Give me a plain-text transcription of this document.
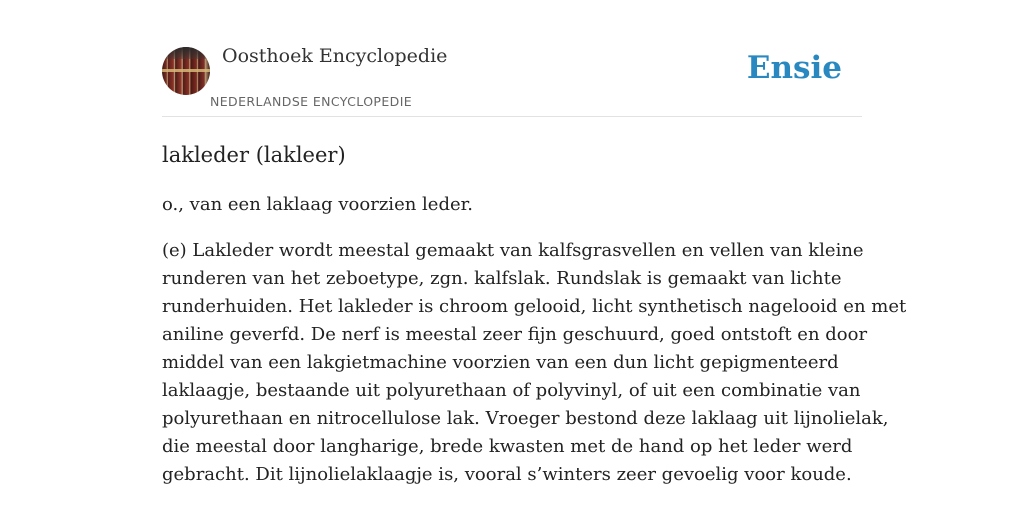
Oosthoek Encyclopedie
NEDERLANDSE ENCYCLOPEDIE
Ensie
lakleder (lakleer)

o., van een laklaag voorzien leder.

(e) Lakleder wordt meestal gemaakt van kalfsgrasvellen en vellen van kleine
runderen van het zeboetype, zgn. kalfslak. Rundslak is gemaakt van lichte
runderhuiden. Het lakleder is chroom gelooid, licht synthetisch nagelooid en met
aniline geverfd. De nerf is meestal zeer fijn geschuurd, goed ontstoft en door
middel van een lakgietmachine voorzien van een dun licht gepigmenteerd
laklaagje, bestaande uit polyurethaan of polyvinyl, of uit een combinatie van
polyurethaan en nitrocellulose lak. Vroeger bestond deze laklaag uit lijnolielak,
die meestal door langharige, brede kwasten met de hand op het leder werd
gebracht. Dit lijnolielaklaagje is, vooral s’winters zeer gevoelig voor koude.
